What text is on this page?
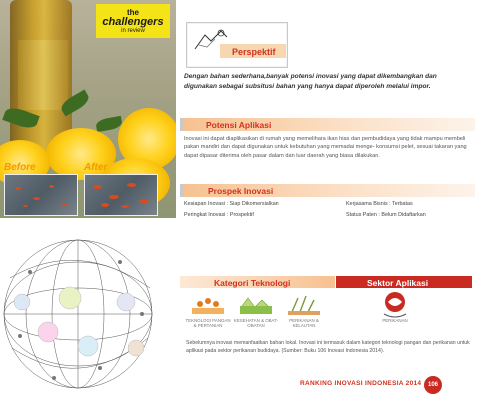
the
challengers
in review
Before	After
Perspektif
Dengan bahan sederhana,banyak potensi inovasi yang dapat dikembangkan dan digunakan sebagai subsitusi bahan yang hanya dapat diperoleh melalui impor.
Potensi Aplikasi
Inovasi ini dapat diaplikasikan di rumah yang memelihara ikan hias dan pembudidaya yang tidak mampu membeli pakan mandiri dan dapat digunakan untuk kebutuhan yang memadai menge- konsumsi pelet, sesuai takaran yang dapat dipasar diterima oleh pasar dalam dan luar daerah yang biasa dilakukan.
Prospek Inovasi
Kesiapan Inovasi : Siap Dikomersialkan	Kerjasama Bisnis : Terbatas
Peringkat Inovasi : Prospektif	Status Paten : Belum Didaftarkan
Kategori Teknologi	Sektor Aplikasi
TEKNOLOGI PANGAN & PERTANIAN
KESEHATAN & OBAT-OBATAN
PERIKANAN & KELAUTAN
PERIKANAN
Sebelumnya inovasi memanfaatkan bahan lokal. Inovasi ini termasuk dalam kategori teknologi pangan dan perikanan untuk aplikasi pada sektor perikanan budidaya. (Sumber: Buku 106 Inovasi Indonesia 2014).
RANKING INOVASI INDONESIA 2014 106
